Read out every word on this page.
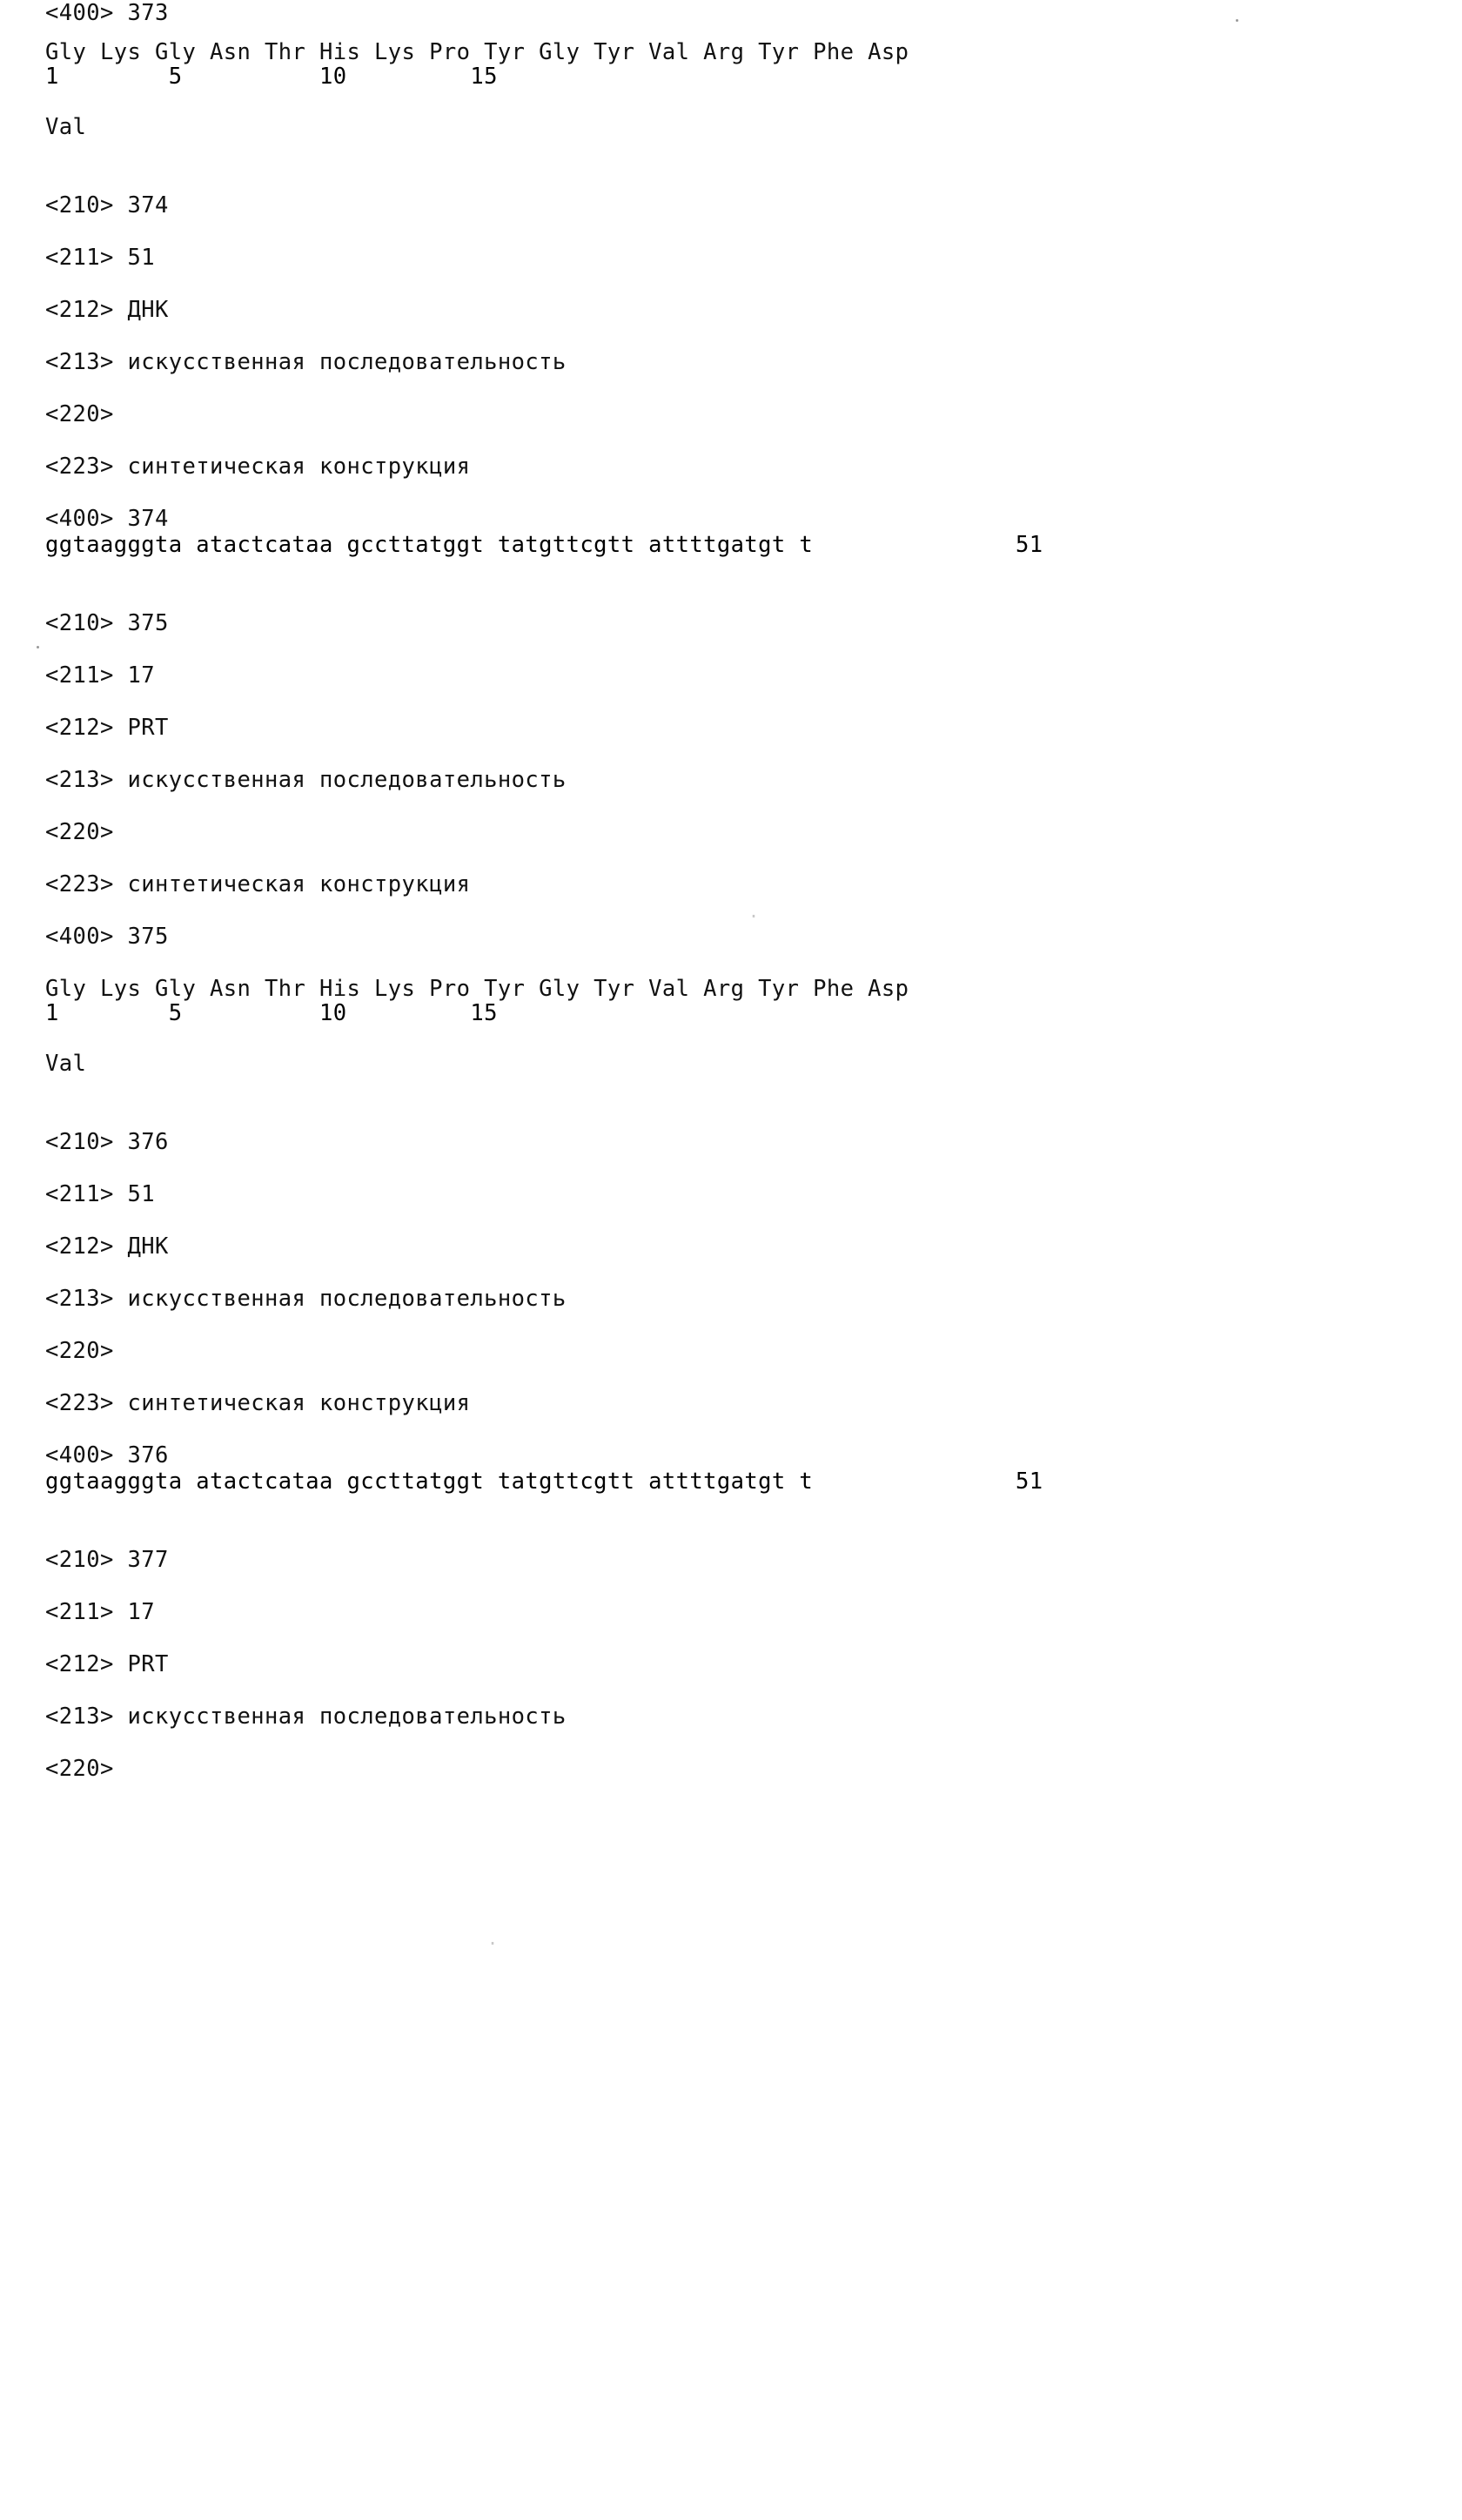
.
.
<400> 373
Gly Lys Gly Asn Thr His Lys Pro Tyr Gly Tyr Val Arg Tyr Phe Asp
1        5          10         15
Val
<210> 374
<211> 51
<212> ДНК
<213> искусственная последовательность
<220>
<223> синтетическая конструкция
<400> 374
ggtaagggta atactcataa gccttatggt tatgttcgtt attttgatgt t	51
<210> 375
<211> 17
<212> PRT
<213> искусственная последовательность
<220>
<223> синтетическая конструкция
<400> 375
Gly Lys Gly Asn Thr His Lys Pro Tyr Gly Tyr Val Arg Tyr Phe Asp
1        5          10         15
Val
<210> 376
<211> 51
<212> ДНК
<213> искусственная последовательность
<220>
<223> синтетическая конструкция
<400> 376
ggtaagggta atactcataa gccttatggt tatgttcgtt attttgatgt t	51
<210> 377
<211> 17
<212> PRT
<213> искусственная последовательность
<220>
